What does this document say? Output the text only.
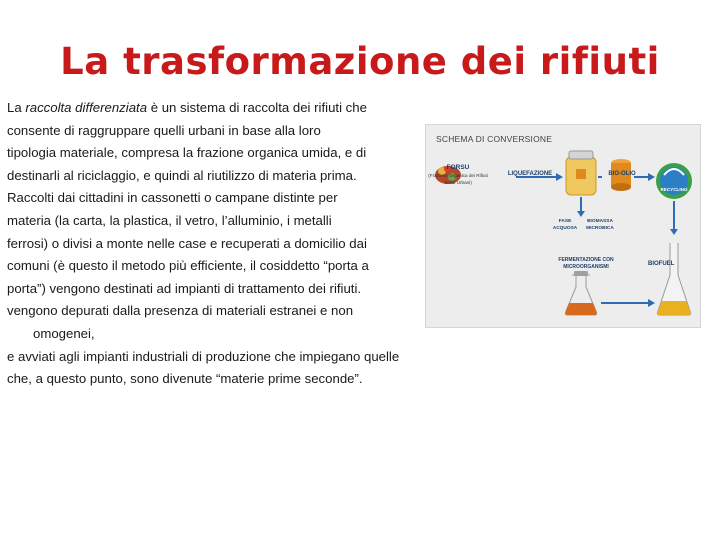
La trasformazione dei rifiuti

La raccolta differenziata è un sistema di raccolta dei rifiuti che

consente di raggruppare quelli urbani in base alla loro

tipologia materiale, compresa la frazione organica umida, e di

destinarli al riciclaggio, e quindi al riutilizzo di materia prima.

Raccolti dai cittadini in cassonetti o campane distinte per

materia (la carta, la plastica, il vetro, l’alluminio, i metalli

ferrosi) o divisi a monte nelle case e recuperati a domicilio dai

comuni (è questo il metodo più efficiente, il cosiddetto “porta a

porta”) vengono destinati ad impianti di trattamento dei rifiuti.

vengono depurati dalla presenza di materiali estranei e non

omogenei,

e avviati agli impianti industriali di produzione che impiegano quelle

che, a questo punto, sono divenute “materie prime seconde”.

SCHEMA DI CONVERSIONE
FORSU
(Frazione Organica dei Rifiuti Solidi Urbani)
LIQUEFAZIONE	BIO-OLIO
RECYCLING
FASE ACQUOSA
BIOMASSA MICROBICA
FERMENTAZIONE CON MICROORGANISMI	BIOFUEL
